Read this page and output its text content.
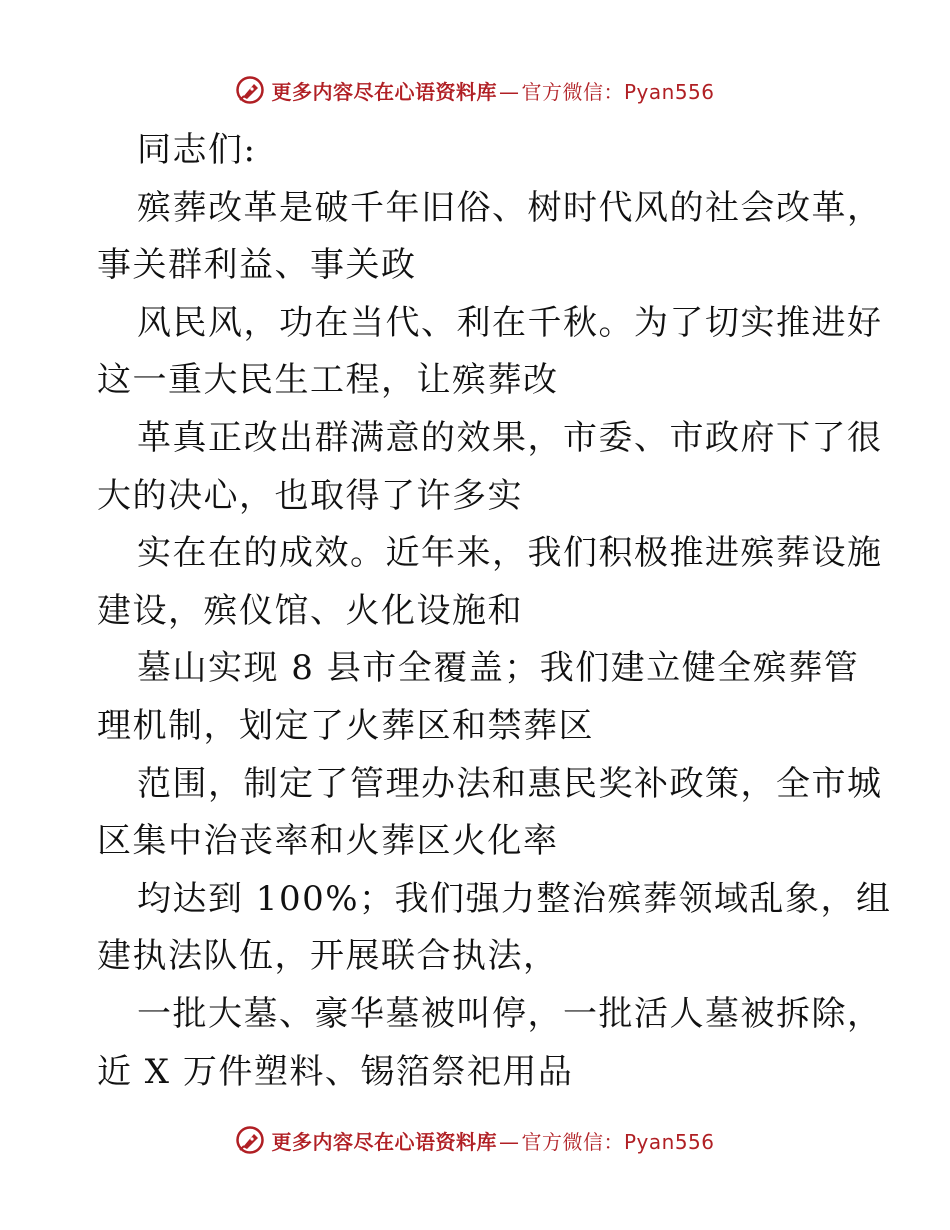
更多内容尽在心语资料库 — 官方微信：Pyan556
同志们:
殡葬改革是破千年旧俗、树时代风的社会改革，
事关群利益、事关政
风民风，功在当代、利在千秋。为了切实推进好
这一重大民生工程，让殡葬改
革真正改出群满意的效果，市委、市政府下了很
大的决心，也取得了许多实
实在在的成效。近年来，我们积极推进殡葬设施
建设，殡仪馆、火化设施和
墓山实现 8 县市全覆盖；我们建立健全殡葬管
理机制，划定了火葬区和禁葬区
范围，制定了管理办法和惠民奖补政策，全市城
区集中治丧率和火葬区火化率
均达到 100%；我们强力整治殡葬领域乱象，组
建执法队伍，开展联合执法，
一批大墓、豪华墓被叫停，一批活人墓被拆除，
近 X 万件塑料、锡箔祭祀用品
更多内容尽在心语资料库 — 官方微信：Pyan556
